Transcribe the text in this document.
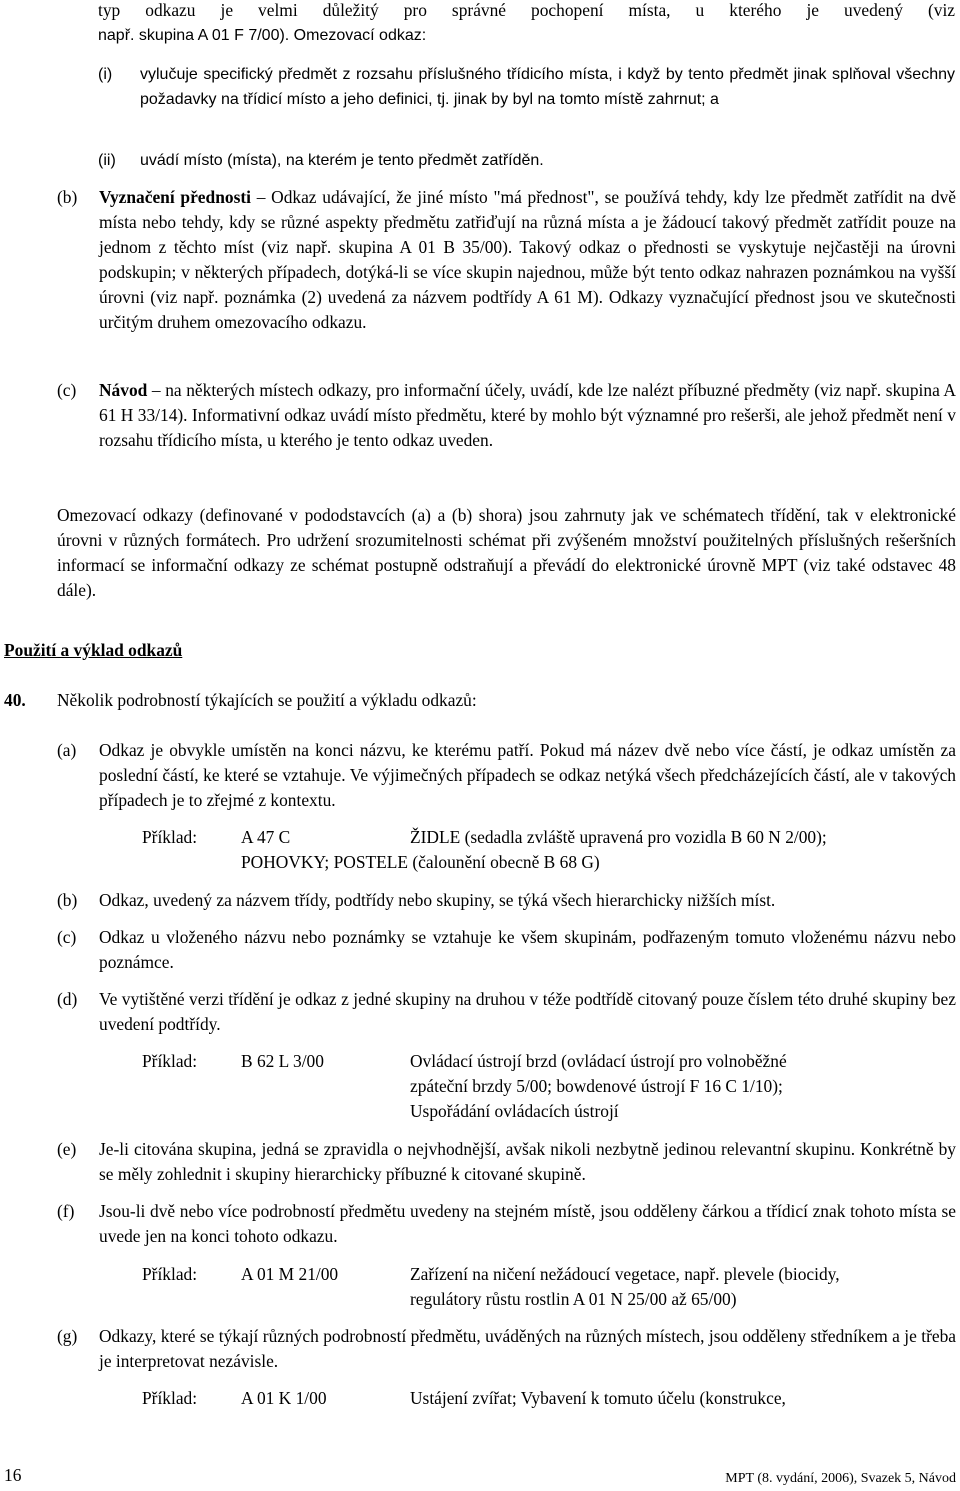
typ odkazu je velmi důležitý pro správné pochopení místa, u kterého je uvedený (viz
např. skupina A 01 F 7/00). Omezovací odkaz:
(i) vylučuje specifický předmět z rozsahu příslušného třídicího místa, i když by tento předmět jinak splňoval všechny požadavky na třídicí místo a jeho definici, tj. jinak by byl na tomto místě zahrnut; a
(ii) uvádí místo (místa), na kterém je tento předmět zatříděn.
(b) Vyznačení přednosti – Odkaz udávající, že jiné místo "má přednost", se používá tehdy, kdy lze předmět zatřídit na dvě místa nebo tehdy, kdy se různé aspekty předmětu zatřiďují na různá místa a je žádoucí takový předmět zatřídit pouze na jednom z těchto míst (viz např. skupina A 01 B 35/00). Takový odkaz o přednosti se vyskytuje nejčastěji na úrovni podskupin; v některých případech, dotýká-li se více skupin najednou, může být tento odkaz nahrazen poznámkou na vyšší úrovni (viz např. poznámka (2) uvedená za názvem podtřídy A 61 M). Odkazy vyznačující přednost jsou ve skutečnosti určitým druhem omezovacího odkazu.
(c) Návod – na některých místech odkazy, pro informační účely, uvádí, kde lze nalézt příbuzné předměty (viz např. skupina A 61 H 33/14). Informativní odkaz uvádí místo předmětu, které by mohlo být významné pro rešerši, ale jehož předmět není v rozsahu třídicího místa, u kterého je tento odkaz uveden.
Omezovací odkazy (definované v pododstavcích (a) a (b) shora) jsou zahrnuty jak ve schématech třídění, tak v elektronické úrovni v různých formátech. Pro udržení srozumitelnosti schémat při zvýšeném množství použitelných příslušných rešeršních informací se informační odkazy ze schémat postupně odstraňují a převádí do elektronické úrovně MPT (viz také odstavec 48 dále).
Použití a výklad odkazů
40. Několik podrobností týkajících se použití a výkladu odkazů:
(a) Odkaz je obvykle umístěn na konci názvu, ke kterému patří. Pokud má název dvě nebo více částí, je odkaz umístěn za poslední částí, ke které se vztahuje. Ve výjimečných případech se odkaz netýká všech předcházejících částí, ale v takových případech je to zřejmé z kontextu.
Příklad:	A 47 C	ŽIDLE (sedadla zvláště upravená pro vozidla B 60 N 2/00);
POHOVKY; POSTELE (čalounění obecně B 68 G)
(b) Odkaz, uvedený za názvem třídy, podtřídy nebo skupiny, se týká všech hierarchicky nižších míst.
(c) Odkaz u vloženého názvu nebo poznámky se vztahuje ke všem skupinám, podřazeným tomuto vloženému názvu nebo poznámce.
(d) Ve vytištěné verzi třídění je odkaz z jedné skupiny na druhou v téže podtřídě citovaný pouze číslem této druhé skupiny bez uvedení podtřídy.
Příklad:	B 62 L 3/00	Ovládací ústrojí brzd (ovládací ústrojí pro volnoběžné
zpáteční brzdy 5/00; bowdenové ústrojí F 16 C 1/10);
Uspořádání ovládacích ústrojí
(e) Je-li citována skupina, jedná se zpravidla o nejvhodnější, avšak nikoli nezbytně jedinou relevantní skupinu. Konkrétně by se měly zohlednit i skupiny hierarchicky příbuzné k citované skupině.
(f) Jsou-li dvě nebo více podrobností předmětu uvedeny na stejném místě, jsou odděleny čárkou a třídicí znak tohoto místa se uvede jen na konci tohoto odkazu.
Příklad:	A 01 M 21/00	Zařízení na ničení nežádoucí vegetace, např. plevele (biocidy,
regulátory růstu rostlin A 01 N 25/00 až 65/00)
(g) Odkazy, které se týkají různých podrobností předmětu, uváděných na různých místech, jsou odděleny středníkem a je třeba je interpretovat nezávisle.
Příklad:	A 01 K 1/00	Ustájení zvířat; Vybavení k tomuto účelu (konstrukce,
16	MPT (8. vydání, 2006), Svazek 5, Návod
